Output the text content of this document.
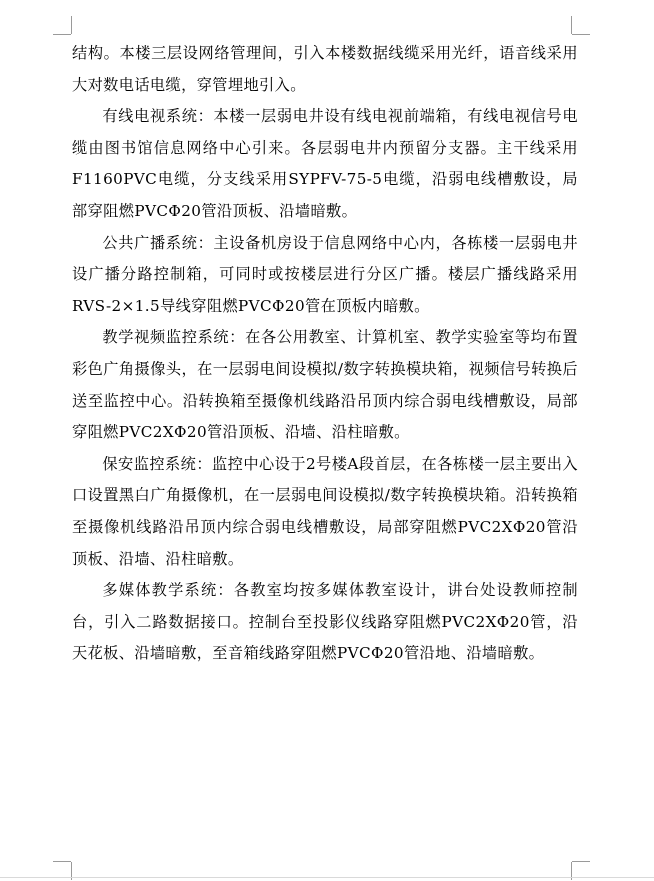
结构。本楼三层设网络管理间，引入本楼数据线缆采用光纤，语音线采用大对数电话电缆，穿管埋地引入。

有线电视系统：本楼一层弱电井设有线电视前端箱，有线电视信号电缆由图书馆信息网络中心引来。各层弱电井内预留分支器。主干线采用F1160PVC电缆，分支线采用SYPFV-75-5电缆，沿弱电线槽敷设，局部穿阻燃PVCΦ20管沿顶板、沿墙暗敷。

公共广播系统：主设备机房设于信息网络中心内，各栋楼一层弱电井设广播分路控制箱，可同时或按楼层进行分区广播。楼层广播线路采用RVS-2×1.5导线穿阻燃PVCΦ20管在顶板内暗敷。

教学视频监控系统：在各公用教室、计算机室、教学实验室等均布置彩色广角摄像头，在一层弱电间设模拟/数字转换模块箱，视频信号转换后送至监控中心。沿转换箱至摄像机线路沿吊顶内综合弱电线槽敷设，局部穿阻燃PVC2XΦ20管沿顶板、沿墙、沿柱暗敷。

保安监控系统：监控中心设于2号楼A段首层，在各栋楼一层主要出入口设置黑白广角摄像机，在一层弱电间设模拟/数字转换模块箱。沿转换箱至摄像机线路沿吊顶内综合弱电线槽敷设，局部穿阻燃PVC2XΦ20管沿顶板、沿墙、沿柱暗敷。

多媒体教学系统：各教室均按多媒体教室设计，讲台处设教师控制台，引入二路数据接口。控制台至投影仪线路穿阻燃PVC2XΦ20管，沿天花板、沿墙暗敷，至音箱线路穿阻燃PVCΦ20管沿地、沿墙暗敷。
